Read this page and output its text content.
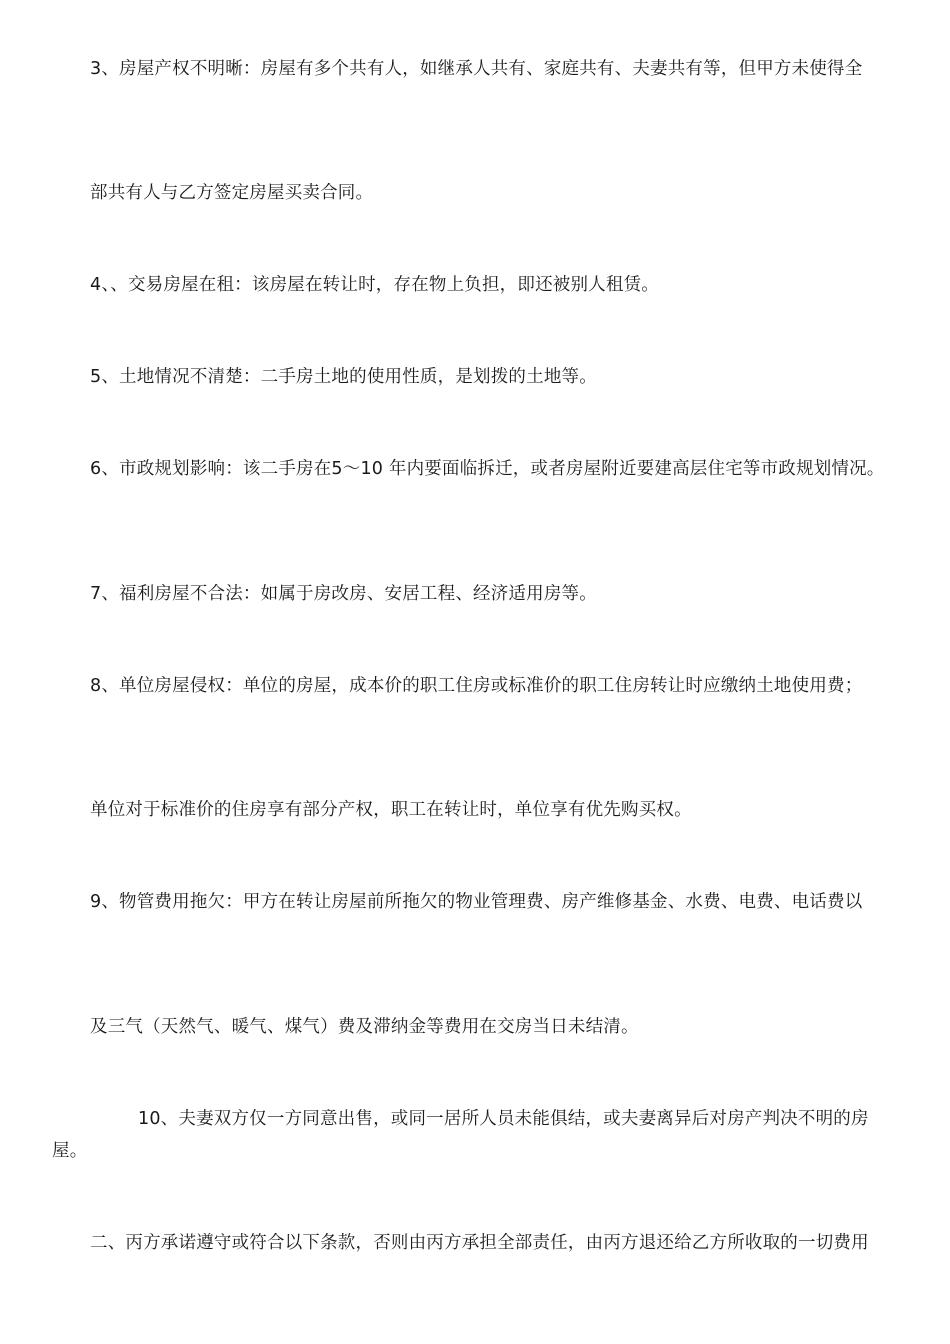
3、房屋产权不明晰：房屋有多个共有人，如继承人共有、家庭共有、夫妻共有等，但甲方未使得全

部共有人与乙方签定房屋买卖合同。

4、、交易房屋在租：该房屋在转让时，存在物上负担，即还被别人租赁。

5、土地情况不清楚：二手房土地的使用性质，是划拨的土地等。

6、市政规划影响：该二手房在5～10 年内要面临拆迁，或者房屋附近要建高层住宅等市政规划情况。

7、福利房屋不合法：如属于房改房、安居工程、经济适用房等。

8、单位房屋侵权：单位的房屋，成本价的职工住房或标准价的职工住房转让时应缴纳土地使用费；

单位对于标准价的住房享有部分产权，职工在转让时，单位享有优先购买权。

9、物管费用拖欠：甲方在转让房屋前所拖欠的物业管理费、房产维修基金、水费、电费、电话费以

及三气（天然气、暖气、煤气）费及滞纳金等费用在交房当日未结清。

10、夫妻双方仅一方同意出售，或同一居所人员未能俱结，或夫妻离异后对房产判决不明的房屋。

二、丙方承诺遵守或符合以下条款，否则由丙方承担全部责任，由丙方退还给乙方所收取的一切费用
